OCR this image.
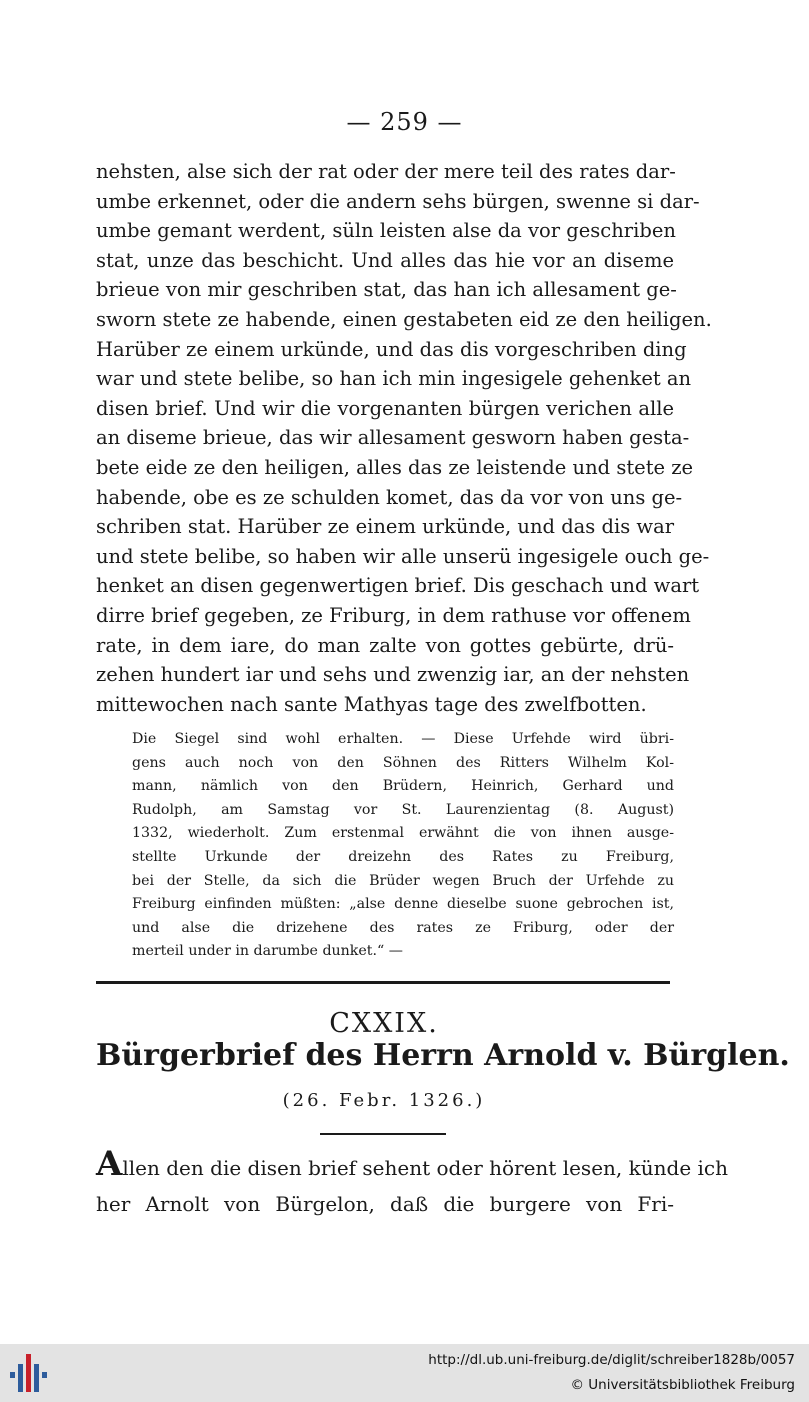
— 259 —
nehsten, alse sich der rat oder der mere teil des rates dar-
umbe erkennet, oder die andern sehs bürgen, swenne si dar-
umbe gemant werdent, süln leisten alse da vor geschriben
stat, unze das beschicht. Und alles das hie vor an diseme
brieue von mir geschriben stat, das han ich allesament ge-
sworn stete ze habende, einen gestabeten eid ze den heiligen.
Harüber ze einem urkünde, und das dis vorgeschriben ding
war und stete belibe, so han ich min ingesigele gehenket an
disen brief. Und wir die vorgenanten bürgen verichen alle
an diseme brieue, das wir allesament gesworn haben gesta-
bete eide ze den heiligen, alles das ze leistende und stete ze
habende, obe es ze schulden komet, das da vor von uns ge-
schriben stat. Harüber ze einem urkünde, und das dis war
und stete belibe, so haben wir alle unserü ingesigele ouch ge-
henket an disen gegenwertigen brief. Dis geschach und wart
dirre brief gegeben, ze Friburg, in dem rathuse vor offenem
rate, in dem iare, do man zalte von gottes gebürte, drü-
zehen hundert iar und sehs und zwenzig iar, an der nehsten
mittewochen nach sante Mathyas tage des zwelfbotten.
Die Siegel sind wohl erhalten. — Diese Urfehde wird übri-
gens auch noch von den Söhnen des Ritters Wilhelm Kol-
mann, nämlich von den Brüdern, Heinrich, Gerhard und
Rudolph, am Samstag vor St. Laurenzientag (8. August)
1332, wiederholt. Zum erstenmal erwähnt die von ihnen ausge-
stellte Urkunde der dreizehn des Rates zu Freiburg,
bei der Stelle, da sich die Brüder wegen Bruch der Urfehde zu
Freiburg einfinden müßten: „alse denne dieselbe suone gebrochen ist,
und alse die drizehene des rates ze Friburg, oder der
merteil under in darumbe dunket.“ —
CXXIX.
Bürgerbrief des Herrn Arnold v. Bürglen.
(26. Febr. 1326.)
Allen den die disen brief sehent oder hörent lesen, künde ich
her Arnolt von Bürgelon, daß die burgere von Fri-
http://dl.ub.uni-freiburg.de/diglit/schreiber1828b/0057
© Universitätsbibliothek Freiburg
